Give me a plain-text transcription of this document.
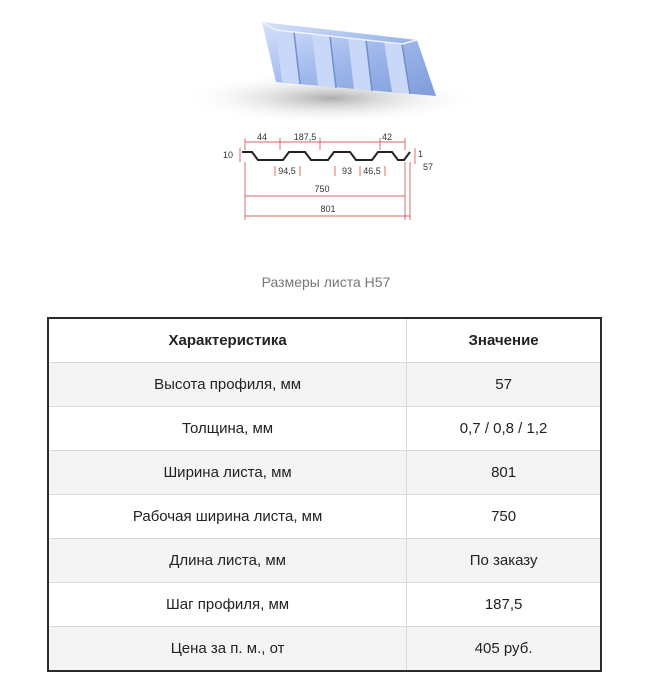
44	187,5	42
10	1
57
94,5	93 46,5
750
801
Размеры листа Н57
Характеристика	Значение
Высота профиля, мм	57
Толщина, мм	0,7 / 0,8 / 1,2
Ширина листа, мм	801
Рабочая ширина листа, мм	750
Длина листа, мм	По заказу
Шаг профиля, мм	187,5
Цена за п. м., от	405 руб.
